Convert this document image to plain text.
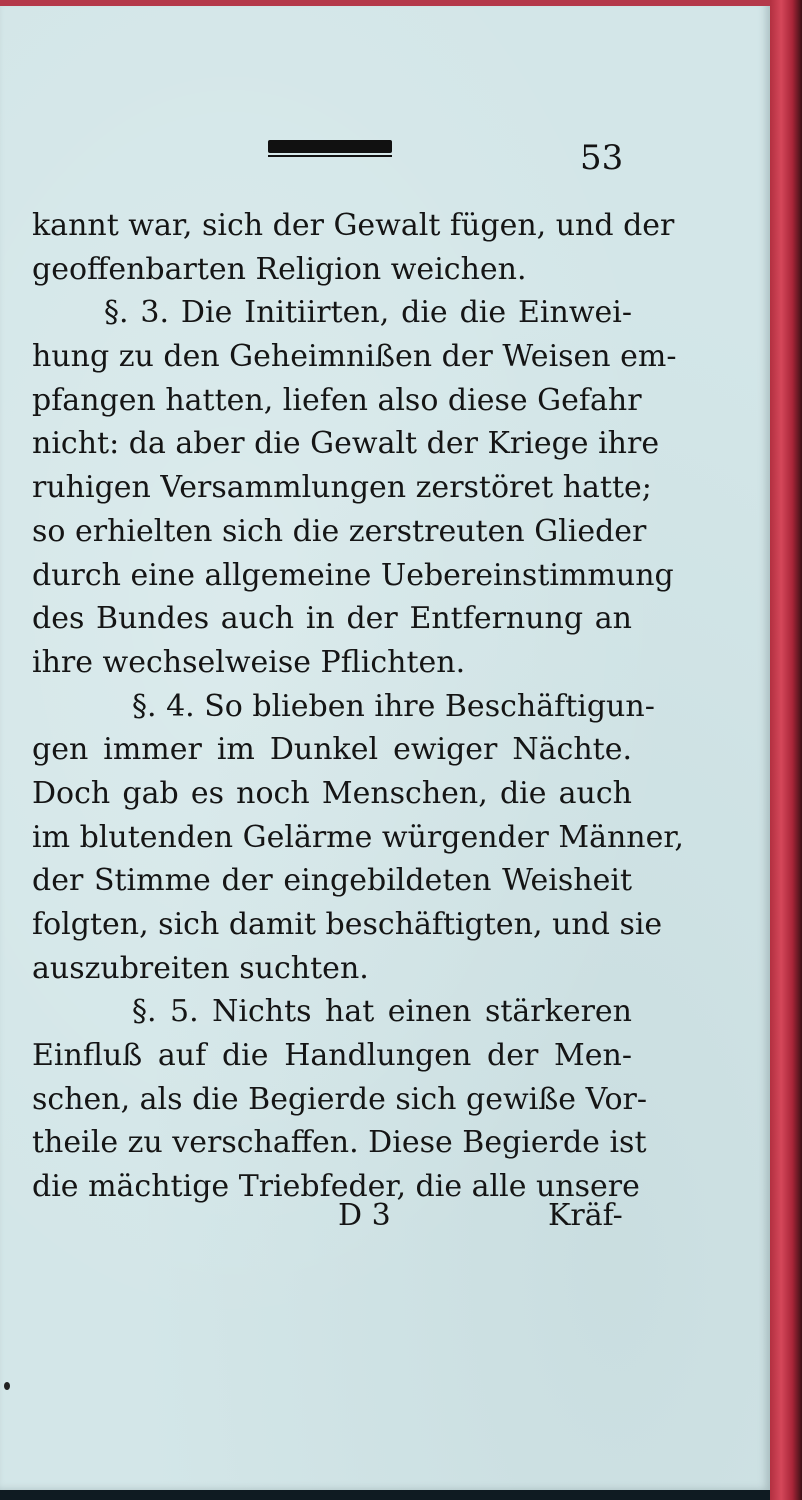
53
kannt war, sich der Gewalt fügen, und der
geoffenbarten Religion weichen.
§. 3. Die Initiirten, die die Einwei-
hung zu den Geheimnißen der Weisen em-
pfangen hatten, liefen also diese Gefahr
nicht: da aber die Gewalt der Kriege ihre
ruhigen Versammlungen zerstöret hatte;
so erhielten sich die zerstreuten Glieder
durch eine allgemeine Uebereinstimmung
des Bundes auch in der Entfernung an
ihre wechselweise Pflichten.
§. 4. So blieben ihre Beschäftigun-
gen immer im Dunkel ewiger Nächte.
Doch gab es noch Menschen, die auch
im blutenden Gelärme würgender Männer,
der Stimme der eingebildeten Weisheit
folgten, sich damit beschäftigten, und sie
auszubreiten suchten.
§. 5. Nichts hat einen stärkeren
Einfluß auf die Handlungen der Men-
schen, als die Begierde sich gewiße Vor-
theile zu verschaffen. Diese Begierde ist
die mächtige Triebfeder, die alle unsere
D 3	Kräf-
